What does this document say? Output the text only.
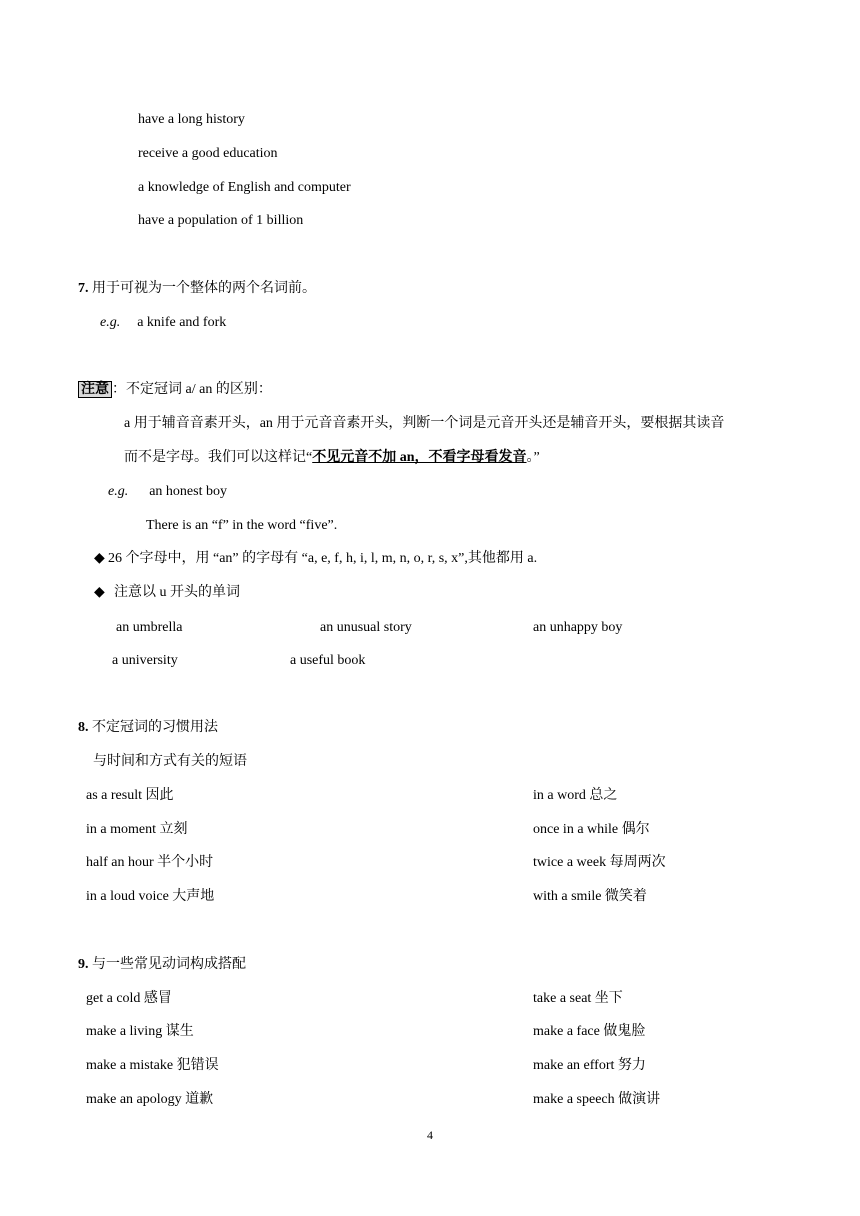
have a long history
receive a good education
a knowledge of English and computer
have a population of 1 billion
7. 用于可视为一个整体的两个名词前。
e.g. a knife and fork
注意 ：不定冠词 a/ an 的区别：
a 用于辅音音素开头，an 用于元音音素开头，判断一个词是元音开头还是辅音开头，要根据其读音
而不是字母。我们可以这样记“不见元音不加 an，不看字母看发音。”
e.g. an honest boy
There is an “f” in the word “five”.
◆ 26 个字母中，用 “an” 的字母有 “a, e, f, h, i, l, m, n, o, r, s, x”,其他都用 a.
◆ 注意以 u 开头的单词
an umbrella	an unusual story	an unhappy boy
a university	a useful book
8. 不定冠词的习惯用法
与时间和方式有关的短语
as a result 因此	in a word 总之
in a moment 立刻	once in a while 偶尔
half an hour 半个小时	twice a week 每周两次
in a loud voice 大声地	with a smile 微笑着
9. 与一些常见动词构成搭配
get a cold 感冒	take a seat 坐下
make a living 谋生	make a face 做鬼脸
make a mistake 犯错误	make an effort 努力
make an apology 道歉	make a speech 做演讲
4
